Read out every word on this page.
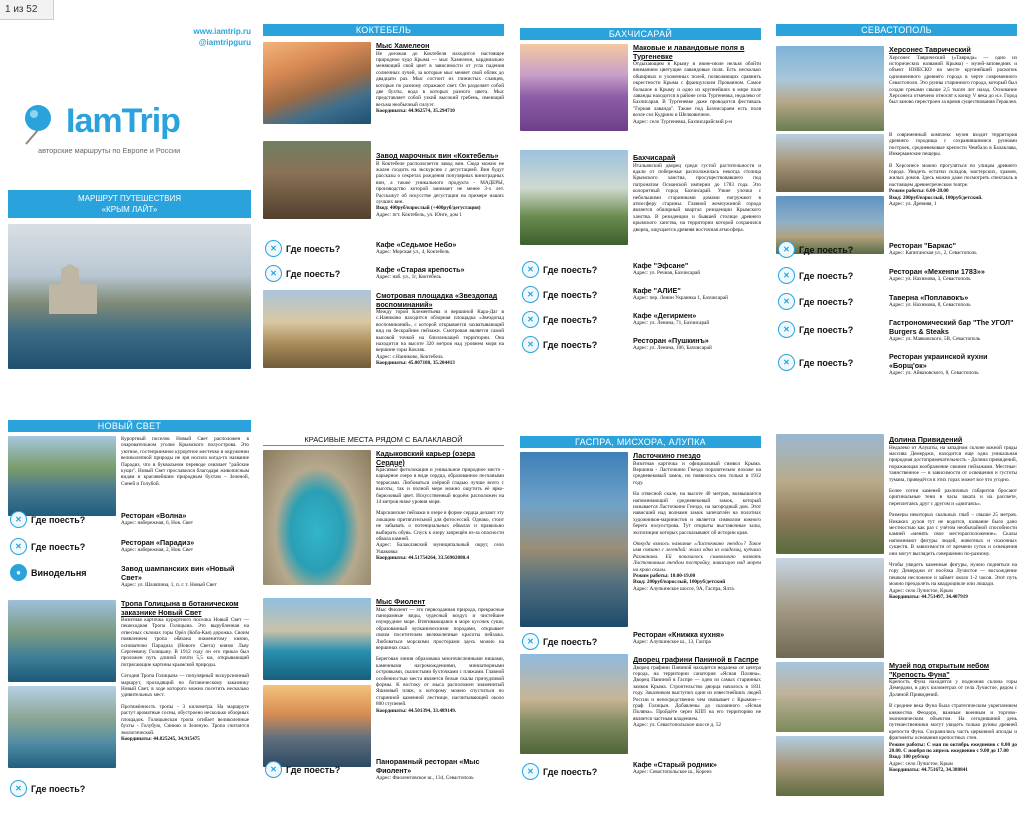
1 из 52
www.iamtrip.ru
@iamtripguru
IamTrip
авторские маршруты по Европе и России
МАРШРУТ ПУТЕШЕСТВИЯ
«КРЫМ ЛАЙТ»
КОКТЕБЕЛЬ
Мыс Хамелеон
Не доезжая до Коктебеля находится настоящее природное чудо Крыма — мыс Хамелеон, кардинально меняющий свой цвет в зависимости от угла падения солнечных лучей, за которые мыс меняет свой облик до двадцати раз. Мыс состоит из глинистых сланцев, которые по разному отражают свет. Он разделяет собой две бухты, вода в которых разного цвета. Мыс представляет собой узкий высокий гребень, имеющий весьма необычный силуэт.
Координаты: 44.962574, 35.294710
Завод марочных вин «Коктебель»
В Коктебеле располагается завод вин. Сюда можно не жалея сходить на экскурсию с дегустацией. Вин будут рассказы о секретах рождения популярных виноградных вин, а также уникального продукта - МАДЕРЫ, производство которой занимает не менее 3-х лет. Расскажут об искусстве дегустации на примере наших лучших вин.
Вход: 400руб/взрослый (+400руб/дегустация)
Адрес: пгт. Коктебель, ул. Юнге, дом 1
✕	Где поесть?
✕	Где поесть?
Кафе «Седьмое Небо»
Адрес: Морская ул., 4, Коктебель
Кафе «Старая крепость»
Адрес: наб. ул., 1г, Коктебель
Смотровая площадка «Звездопад воспоминаний»
Между горой Клементьева и вершиной Кара-Даг в с.Наниково находится обзорная площадка «Звездопад воспоминаний», с которой открывается захватывающий вид на бескрайние пейзажи. Смотровая является самой высокой точкой на близлежащей территории. Она находится на высоте 320 метров над уровнем моря на вершине горы Кокляк.
Адрес: с.Наниково, Коктебель
Координаты: 45.007180, 35.204413
БАХЧИСАРАЙ
Маковые и лавандовые поля в Тургеневке
Отдыхающим в Крыму в июне-июле нельзя обойти вниманием цветущие лавандовые поля. Есть несколько обширных и ухоженных полей, позволяющих сравнить окрестности Крыма с французским Прованном. Самое большое в Крыму и одно из крупнейших в мире поле лаванды находится в районе села Тургеневка, недалеко от Бахчисарая. В Тургеневке даже проводится фестиваль "Горная лаванда". Также под Бахчисараем есть поля возле сел Кудрино и Шелковичное.
Адрес: село Тургеневка, Бахчисарайский р-н
Бахчисарай
Итальянский дворец среди густой растительности и вдали от побережья расположилась некогда столица Крымского ханства, просуществовавшего под патронатом Османской империи до 1783 года. Это колоритный город Бахчисарай. Узкие улочки с небольшими старинными домами погружают в атмосферу старины. Главной жемчужиной города является обширный квартал резиденции Крымского ханства. В резиденции и бывшей столице древнего крымского ханства, на территории которой сохранился дворец, ощущается древняя восточная атмосфера.
✕	Где поесть?
✕	Где поесть?
✕	Где поесть?
✕	Где поесть?
Кафе "Эфсане"
Адрес: ул. Речная, Бахчисарай
Кафе "АЛИЕ"
Адрес: пер. Ленин Украинка 1, Бахчисарай
Кафе «Дегирмен»
Адрес: ул. Ленина, 71, Бахчисарай
Ресторан «Пушкинъ»
Адрес: ул. Ленина, 106, Бахчисарай
СЕВАСТОПОЛЬ
Херсонес Таврический
Херсонес Таврический («Таврида» — одно из исторических названий Крыма) - музей-заповедник и объект ЮНЕСКО на месте крупнейшей раскопок одноименного древнего города в черте современного Севастополя. Это руины старинного города, который был создан греками свыше 2,5 тысяч лет назад. Основание Херсонеса отмечено относят к концу V века до н.э. Город был заново перестроен за время существования Гераклея.
В современный комплекс музея входит территория древнего городища с сохранившимися руинами построек, средневековые крепости Чембало в Балаклава, Инкерманские пещеры.
В Херсонесе можно прогуляться по улицам древнего города. Увидеть остатки складов, мастерских, храмов, жилых домов. Здесь можно даже посмотреть спектакль в настоящем древнегреческом театре.
Режим работы: 6.00-20.00
Вход: 200руб/взрослый, 100руб/детский.
Адрес: ул. Древняя, 1
✕	Где поесть?
✕	Где поесть?
✕	Где поесть?
✕	Где поесть?
✕	Где поесть?
Ресторан "Баркас"
Адрес: Капитанская ул., 2, Севастополь
Ресторан «Мехенпи 1783»»
Адрес: ул. Нахимова, 3, Севастополь
Таверна «Поплавокъ»
Адрес: ул. Нахимова, 8, Севастополь
Гастрономический бар "The УГОЛ" Burgers & Steaks
Адрес: ул. Маяковского, 5В, Севастополь
Ресторан украинской кухни «Борщ'ок»
Адрес: ул. Айвазовского, 8, Севастополь
НОВЫЙ СВЕТ
Курортный поселок Новый Свет расположен в очаровательном уголке Крымского полуострова. Это уютное, гостеприимное курортное местечко в окружении великолепной природы не зря носило когда-то название Парадиз, что в буквальном переводе означает "райские кущи". Новый Свет прославился благодаря живописным видам и красивейшим природным бухтам – Зеленой, Синей и Голубой.
✕	Где поесть?
✕	Где поесть?
●	Винодельня
Ресторан «Волна»
Адрес: набережная, 6, Нов. Свет
Ресторан «Парадиз»
Адрес: набережная, 2, Нов. Свет
Завод шампанских вин «Новый Свет»
Адрес: ул. Шаляпина, 1, п. г. т. Новый Свет
Тропа Голицына в ботаническом заказнике Новый Свет
Визитная карточка курортного поселка Новый Свет — пешеходная Тропа Голицына. Это вырубленная на отвесных склонах горы Орёл (Коба-Кая) дорожка. Своим появлением тропа обязана знаменитому князю, основателю Парадиза (Нового Света) князю Льву Сергеевичу Голицыну. В 1912 году он его приказ был проложен путь длиной почти 5,5 км, открывающий потрясающие картины крымской природы.
Сегодня Тропа Голицына — популярный экскурсионный маршрут, проходящий по ботаническому заказнику Новый Свет, в ходе которого можно посетить несколько удивительных мест.
Протяжённость тропы - 3 километра. На маршруте растут ароматные сосны, обустроено несколько обзорных площадок. Голицынская тропа огибает великолепные бухты - Голубую, Синюю и Зеленую. Тропа считается экологической.
Координаты: 44.825245, 34.915475
✕	Где поесть?
КРАСИВЫЕ МЕСТА РЯДОМ С БАЛАКЛАВОЙ
Кадыковский карьер (озера Сердце)
Красивые фотолокация и уникальное природное место - карьерное озеро в виде сердца, образованное песчаными террасами. Любоваться озёрной гладью лучше всего с высоты, так и полной мере можно ощутить её ярко-бирюзовый цвет. Искусственный водоём расположен на 14 метров ниже уровня моря.
Марсианские пейзажи в озере в форме сердца делают эту локацию притягательной для фотосессий. Однако, стоит не забывать о потенциальных обвалах и правильно выбирать обувь. Спуск к озеру запрещён из-за опасности обвала камней.
Адрес: Балаклавский муниципальный округ, село Ушаковка
Координаты: 44.51754264, 33.56902080.4
Мыс Фиолент
Мыс Фиолент — это первозданная природа, прекрасные панорамные виды, чудесный воздух и чистейшее изумрудное море. Втягивающаяся в море кусочек суши, образованный вулканическими породами, открывает своим посетителям великолепные красоты пейзажа. Любоваться морскими просторами здесь можно на вершинах скал.
Береговая линия образована многочисленными нишами, каменными нагромождениями, миниатюрными островками, скалистыми бухточками с пляжами. Главной особенностью места является белые скалы причудливой формы. К востоку от мыса расположен знаменитый Яшмовый пляж, к которому можно спуститься по старинной каменной лестнице, насчитывающей около 800 ступеней.
Координаты: 44.501394, 33.489149.
✕	Где поесть?
Панорамный ресторан «Мыс Фиолент»
Адрес: Фиолентовское ш., 134, Севастополь
ГАСПРА, МИСХОРА, АЛУПКА
Ласточкино гнездо
Визитная карточка и официальный символ Крыма. Вершина - Ласточкино Гнездо поразительно похоже на средневековый замок, но появилось оно только в 1912 году.
На отвесной скале, на высоте 40 метров, возвышается напоминающий средневековый замок, который называется Ласточкино Гнездо, на загородный дом. Этот нависший над волнами замок запечатлён на полотнах художников-маринистов и является символом южного берега полуострова. Тут открыты выставочные залы, экспозиции которых рассказывают об истории края.
Откуда взялось название «Ласточкино гнездо»? Такое имя связано с легендой: жила одна из владелиц, купчиха Рахманина. Ей показалось символично назвать Ласточкиным гнездом постройку, нависшую над морем на краю скалы.
Режим работы: 10.00-19.00
Вход: 200руб/взрослый, 100руб/детский
Адрес: Алупкинское шоссе, 9А, Гаспра, Ялта.
✕	Где поесть?
Ресторан «Книжка кухня»
Адрес: Алупкинское ш., 13, Гаспра
Дворец графини Паниной в Гаспре
Дворец графини Паниной находится недалеко от центра города, на территории санатория «Ясная Поляна». Дворец Паниной в Гаспре — одно из самых старинных замков Крыма. Строительство дворца началось в 1831 году. Заказчиком выступил один из известнейших людей России и непосредственно чем связывает с Крымом— граф Голицын. Добавлены до сказанного «Ясная Поляна». Пройдёте через КПП на его территорию не является частным владением.
Адрес: ул. Севастопольское шоссе д. 52
✕	Где поесть?
Кафе «Старый родник»
Адрес: Севастопольское ш., Кореиз
Долина Привидений
Недалеко от Алушты, на западном склоне южной гряды массива Демерджи, находится еще одна уникальная природная достопримечательность - Долина привидений, поражающая воображение своими пейзажами. Местные: таинственное — в зависимости от освещения и густоты тумана, приведётся в этих горах может все что угодно.
Более сотни каменей различных габаритов бросают оригинальные тени в часы заката и на рассвете, переплетаясь друг с другом и «двигаясь».
Размеры некоторых скальных глыб – свыше 25 метров. Никаких духов тут не водится, название было дано местностью как раз с учётом необычайной способности камней «менять свое месторасположение». Скалы напоминают фигуры людей, животных и сказочных существ. В зависимости от времени суток и освещения они могут выглядеть совершенно по-разному.
Чтобы увидеть каменные фигуры, нужно подняться на гору Демерджи от посёлка Лучистое — восхождение пешком несложное и займет около 1-2 часов. Этот путь можно преодолеть на квадроцикле или лошади.
Адрес: село Лучистое, Крым
Координаты: 44.751497, 34.407919
Музей под открытым небом "Крепость Фуна"
Крепость Фуна находится у подножия склона горы Демерджи, в двух километрах от села Лучистое, рядом с Долиной Привидений.
В средние века Фуна была стратегическим укреплением княжества Феодоро, важным военным и торгово-экономическим объектом. На сегодняшний день путешественники могут увидеть только руины древней крепости Фуна. Сохранились часть церковной апсиды и фрагменты основания крепостных стен.
Режим работы: С мая по октябрь ежедневно с 8.00 до 20.00. С ноября по апрель ежедневно с 9.00 до 17.00
Вход: 100 руб/взр
Адрес: село Лучистое, Крым
Координаты: 44.751672, 34.388841
